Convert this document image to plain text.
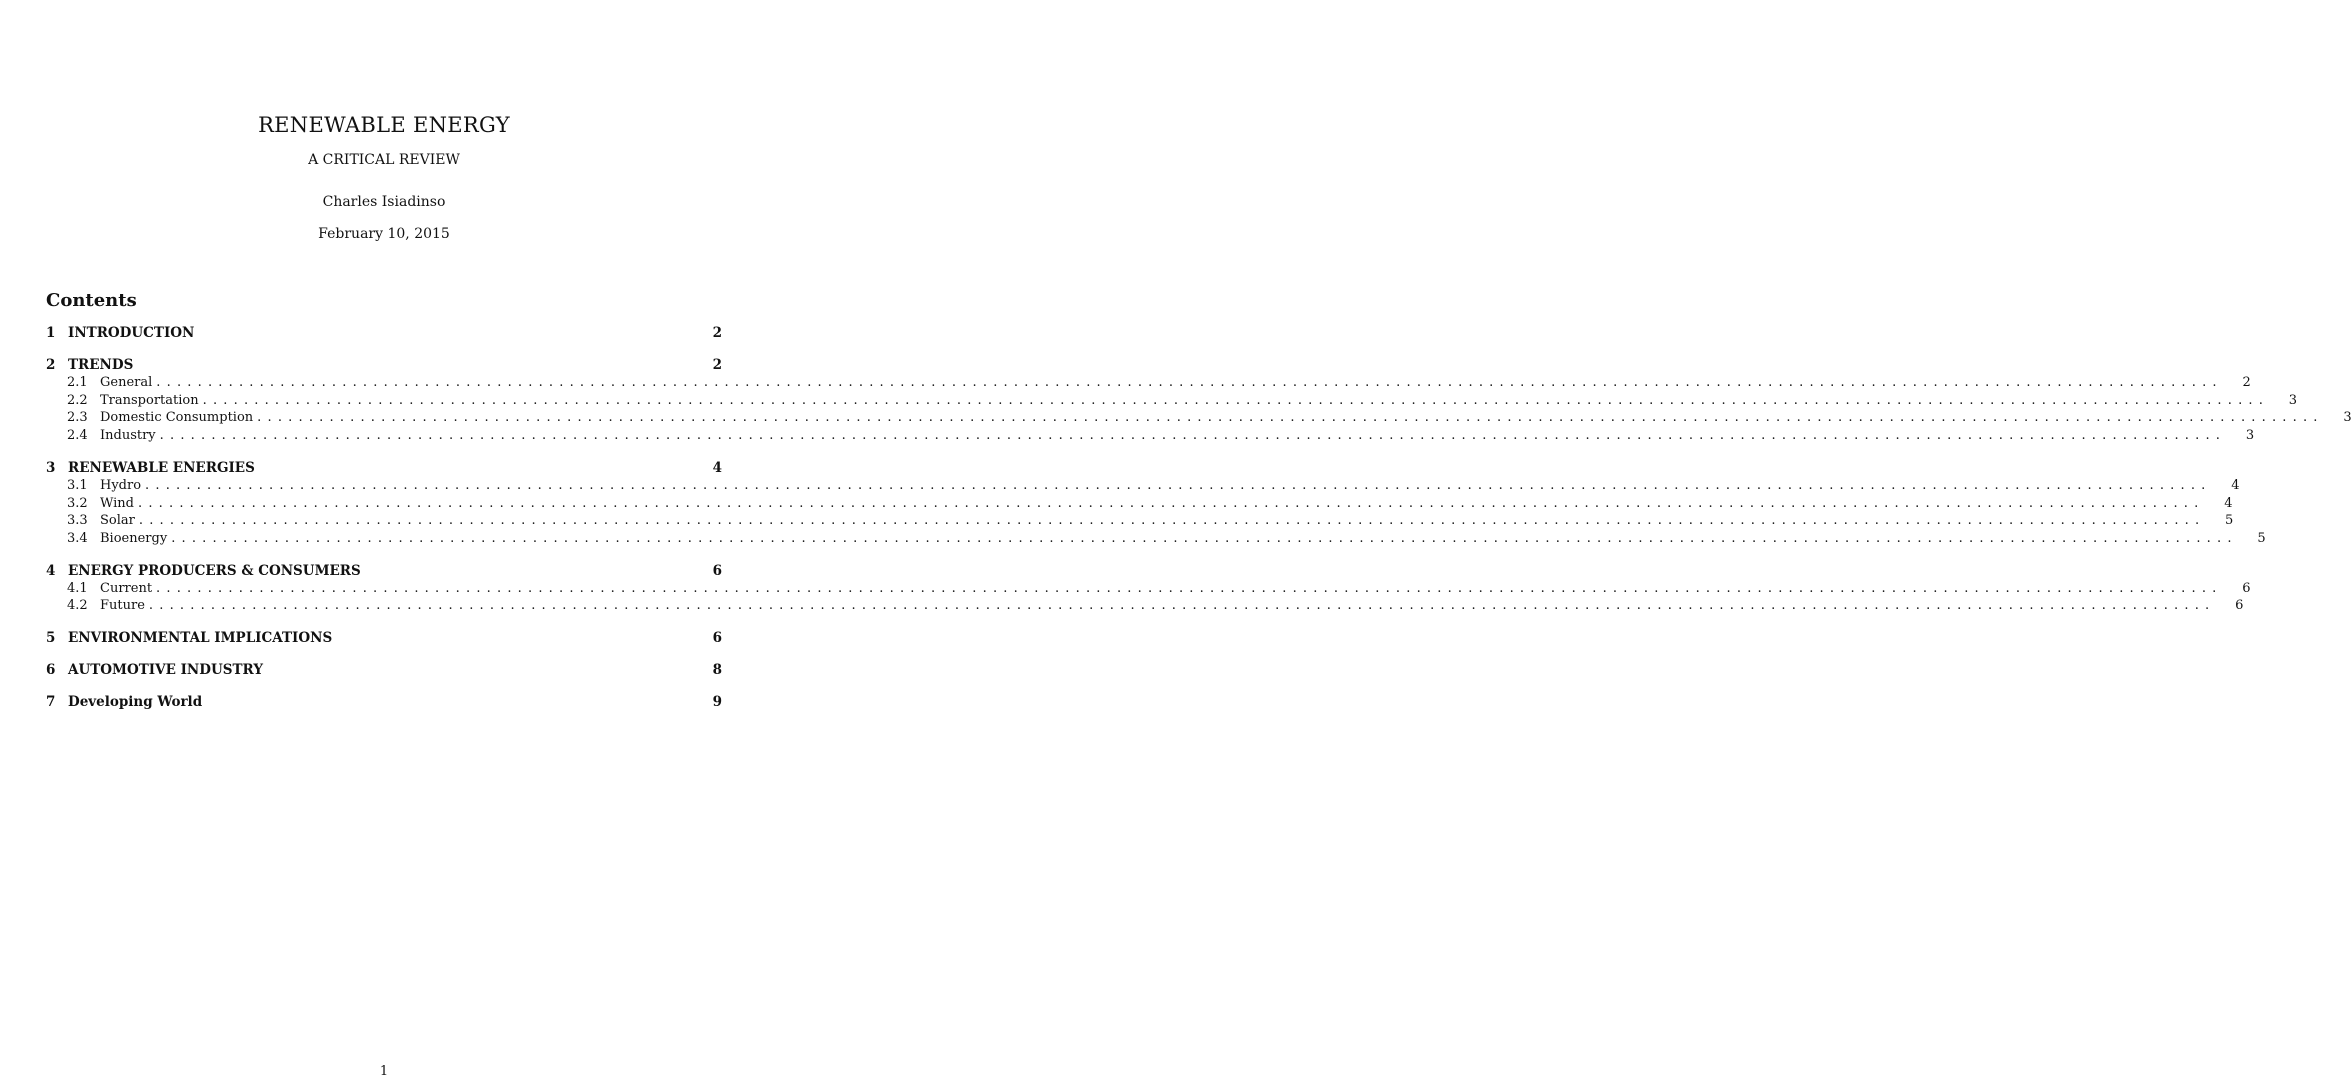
RENEWABLE ENERGY
A CRITICAL REVIEW
Charles Isiadinso
February 10, 2015
Contents
1 INTRODUCTION	2
2 TRENDS	2
2.1 General ........................................................................................................................................................................................................ 2
2.2 Transportation ........................................................................................................................................................................................................ 3
2.3 Domestic Consumption ........................................................................................................................................................................................................ 3
2.4 Industry ........................................................................................................................................................................................................ 3
3 RENEWABLE ENERGIES	4
3.1 Hydro ........................................................................................................................................................................................................ 4
3.2 Wind ........................................................................................................................................................................................................ 4
3.3 Solar ........................................................................................................................................................................................................ 5
3.4 Bioenergy ........................................................................................................................................................................................................ 5
4 ENERGY PRODUCERS & CONSUMERS	6
4.1 Current ........................................................................................................................................................................................................ 6
4.2 Future ........................................................................................................................................................................................................ 6
5 ENVIRONMENTAL IMPLICATIONS	6
6 AUTOMOTIVE INDUSTRY	8
7 Developing World	9
1
